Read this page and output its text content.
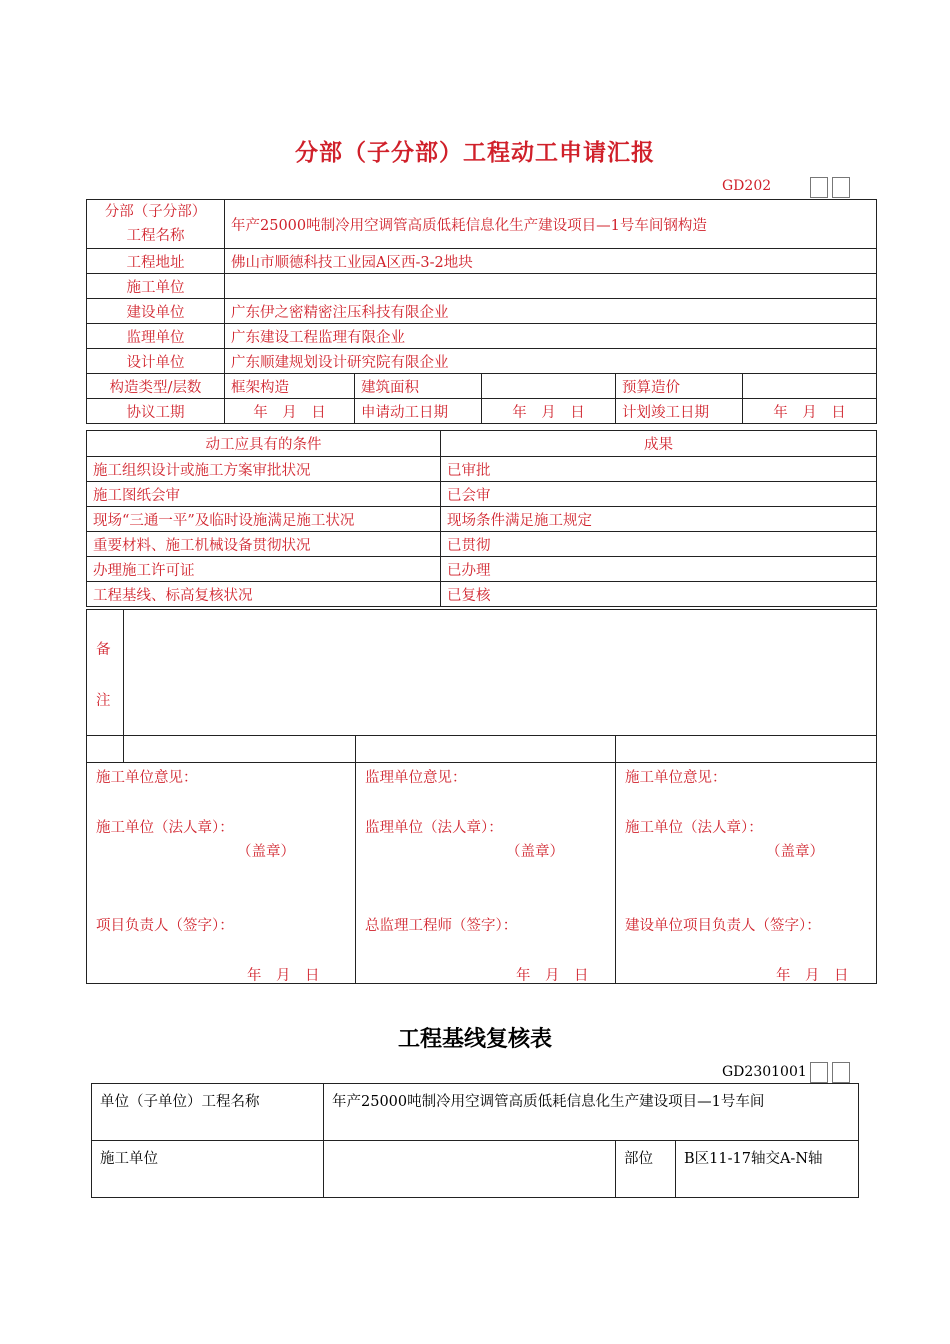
分部（子分部）工程动工申请汇报
GD202
分部（子分部）
工程名称	年产25000吨制冷用空调管高质低耗信息化生产建设项目—1号车间钢构造				
工程地址	佛山市顺德科技工业园A区西-3-2地块				
施工单位					
建设单位	广东伊之密精密注压科技有限企业				
监理单位	广东建设工程监理有限企业				
设计单位	广东顺建规划设计研究院有限企业				
构造类型/层数	框架构造	建筑面积		预算造价	
协议工期	年　月　日	申请动工日期	年　月　日	计划竣工日期	年　月　日
动工应具有的条件	成果
施工组织设计或施工方案审批状况	已审批
施工图纸会审	已会审
现场“三通一平”及临时设施满足施工状况	现场条件满足施工规定
重要材料、施工机械设备贯彻状况	已贯彻
办理施工许可证	已办理
工程基线、标高复核状况	已复核
备
注

施工单位意见：
施工单位（法人章）：
（盖章）
项目负责人（签字）：
年　月　日

监理单位意见：
监理单位（法人章）：
（盖章）
总监理工程师（签字）：
年　月　日

施工单位意见：
施工单位（法人章）：
（盖章）
建设单位项目负责人（签字）：
年　月　日
工程基线复核表
GD2301001
单位（子单位）工程名称	年产25000吨制冷用空调管高质低耗信息化生产建设项目—1号车间		
施工单位		部位	B区11-17轴交A-N轴
